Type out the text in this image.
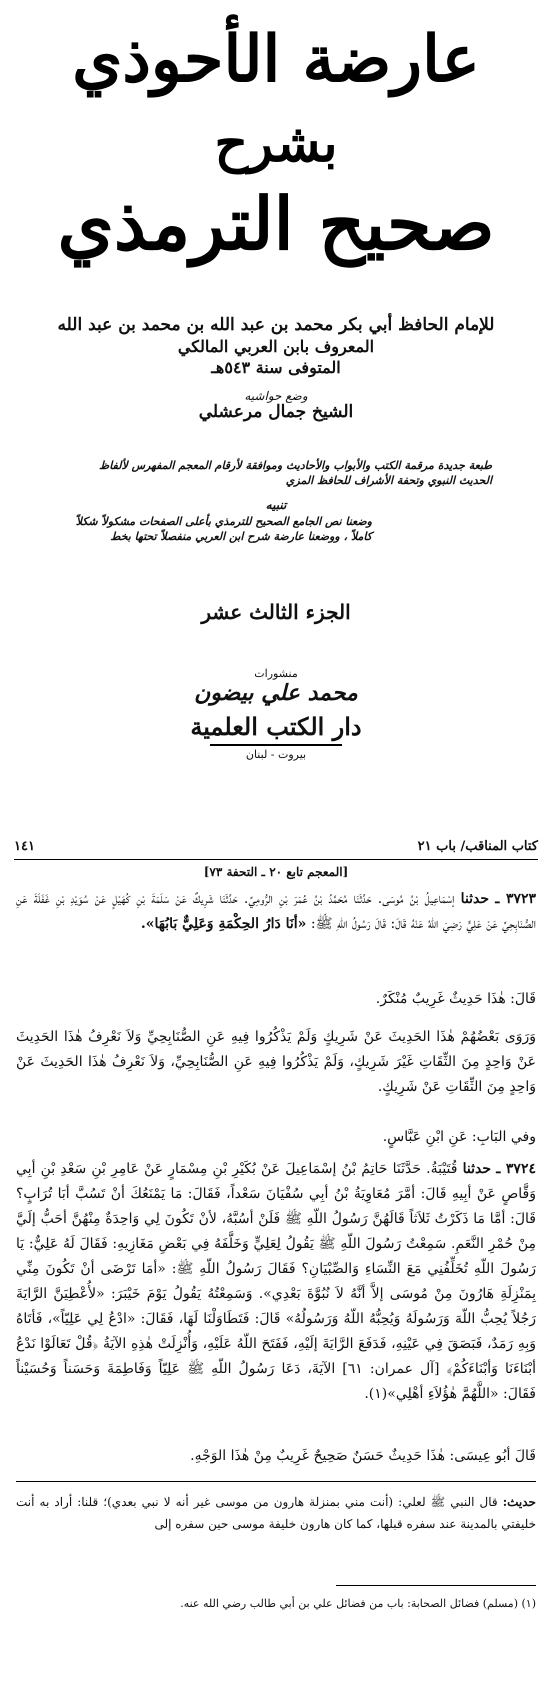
عارضة الأحوذي
بشرح
صحيح الترمذي
للإمام الحافظ أبي بكر محمد بن عبد الله بن محمد بن عبد الله
المعروف بابن العربي المالكي
المتوفى سنة ٥٤٣هـ
وضع حواشيه
الشيخ جمال مرعشلي
طبعة جديدة مرقمة الكتب والأبواب والأحاديث وموافقة لأرقام المعجم المفهرس لألفاظ الحديث النبوي وتحفة الأشراف للحافظ المزي
تنبيه
وضعنا نص الجامع الصحيح للترمذي بأعلى الصفحات مشكولاً شكلاً كاملاً ، ووضعنا عارضة شرح ابن العربي منفصلاً تحتها بخط
الجزء الثالث عشر
منشورات
محمد علي بيضون
دار الكتب العلمية
بيروت - لبنان
كتاب المناقب/ باب ٢١
١٤١
[المعجم تابع ٢٠ ـ التحفة ٧٣]
٣٧٢٣ ـ حدثنا إسْمَاعِيلُ بْنُ مُوسَى. حَدَّثَنَا مُحَمَّدُ بْنُ عُمَرَ بْنِ الرُّومِيِّ. حَدَّثَنَا شَرِيكٌ عَنْ سَلَمَةَ بْنِ كُهَيْلٍ عَنْ سُوَيْدِ بْنِ غَفَلَةَ عَنِ الصُّنَابِحِيِّ عَنْ عَلِيٍّ رَضِيَ اللّهُ عَنْهُ قَالَ: قَالَ رَسُولُ اللّهِ ﷺ: «أنَا دَارُ الحِكْمَةِ وَعَلِيٌّ بَابُهَا».
قَالَ: هٰذَا حَدِيثٌ غَرِيبٌ مُنْكَرٌ.
وَرَوَى بَعْضُهُمْ هٰذَا الحَدِيثَ عَنْ شَرِيكٍ وَلَمْ يَذْكُرُوا فِيهِ عَنِ الصُّنَابِحِيِّ وَلاَ نَعْرِفُ هٰذَا الحَدِيثَ عَنْ وَاحِدٍ مِنَ الثِّقَاتِ غَيْرَ شَرِيكٍ، وَلَمْ يَذْكُرُوا فِيهِ عَنِ الصُّنَابِحِيِّ، وَلاَ نَعْرِفُ هٰذَا الحَدِيثَ عَنْ وَاحِدٍ مِنَ الثِّقَاتِ عَنْ شَرِيكٍ.
وفي البَابِ: عَنِ ابْنِ عَبَّاسٍ.
٣٧٢٤ ـ حدثنا قُتَيْبَةُ. حَدَّثَنَا حَاتِمُ بْنُ إسْمَاعِيلَ عَنْ بُكَيْرِ بْنِ مِسْمَارٍ عَنْ عَامِرِ بْنِ سَعْدِ بْنِ أبِي وَقَّاصٍ عَنْ أبِيهِ قَالَ: أمَّرَ مُعَاوِيَةُ بْنُ أبِي سُفْيَانَ سَعْداً، فَقَالَ: مَا يَمْنَعُكَ أنْ تَسُبَّ أبَا تُرَابٍ؟ قَالَ: أمَّا مَا ذَكَرْتُ ثَلاَثاً قَالَهُنَّ رَسُولُ اللّهِ ﷺ فَلَنْ أسُبَّهُ، لأنْ تَكُونَ لِي وَاحِدَةٌ مِنْهُنَّ أحَبُّ إلَيَّ مِنْ حُمْرِ النَّعَمِ. سَمِعْتُ رَسُولَ اللّهِ ﷺ يَقُولُ لِعَلِيٍّ وَخَلَّفَهُ فِي بَعْضِ مَغَازِيهِ: فَقَالَ لَهُ عَلِيٌّ: يَا رَسُولَ اللّهِ تُخَلِّفُنِي مَعَ النِّسَاءِ وَالصِّبْيَانِ؟ فَقَالَ رَسُولُ اللّهِ ﷺ: «أمَا تَرْضَى أنْ تَكُونَ مِنِّي بِمَنْزِلَةِ هَارُونَ مِنْ مُوسَى إلاَّ أنَّهُ لاَ نُبُوَّةَ بَعْدِي». وَسَمِعْتُهُ يَقُولُ يَوْمَ خَيْبَرَ: «لأُعْطِيَنَّ الرَّايَةَ رَجُلاً يُحِبُّ اللّهَ وَرَسُولَهُ وَيُحِبُّهُ اللّهُ وَرَسُولُهُ» قَالَ: فَتَطَاوَلْنَا لَهَا، فَقَالَ: «ادْعُ لِي عَلِيّاً»، فَأتَاهُ وَبِهِ رَمَدٌ، فَبَصَقَ فِي عَيْنِهِ، فَدَفَعَ الرَّايَةَ إلَيْهِ، فَفَتَحَ اللّهُ عَلَيْهِ، وَأُنْزِلَتْ هٰذِهِ الآيَةُ ﴿قُلْ تَعَالَوْا نَدْعُ أبْنَاءَنَا وَأبْنَاءَكُمْ﴾ [آل عمران: ٦١] الآيَةَ، دَعَا رَسُولُ اللّهِ ﷺ عَلِيّاً وَفَاطِمَةَ وَحَسَناً وَحُسَيْناً فَقَالَ: «اللَّهُمَّ هٰؤُلاَءِ أهْلِي»(١).
قَالَ أبُو عِيسَى: هٰذَا حَدِيثٌ حَسَنٌ صَحِيحٌ غَرِيبٌ مِنْ هٰذَا الوَجْهِ.
حديث: قال النبي ﷺ لعلي: (أنت مني بمنزلة هارون من موسى غير أنه لا نبي بعدي)؛ قلنا: أراد به أنت خليفتي بالمدينة عند سفره قبلها، كما كان هارون خليفة موسى حين سفره إلى
(١) (مسلم) فضائل الصحابة: باب من فضائل علي بن أبي طالب رضي الله عنه.
